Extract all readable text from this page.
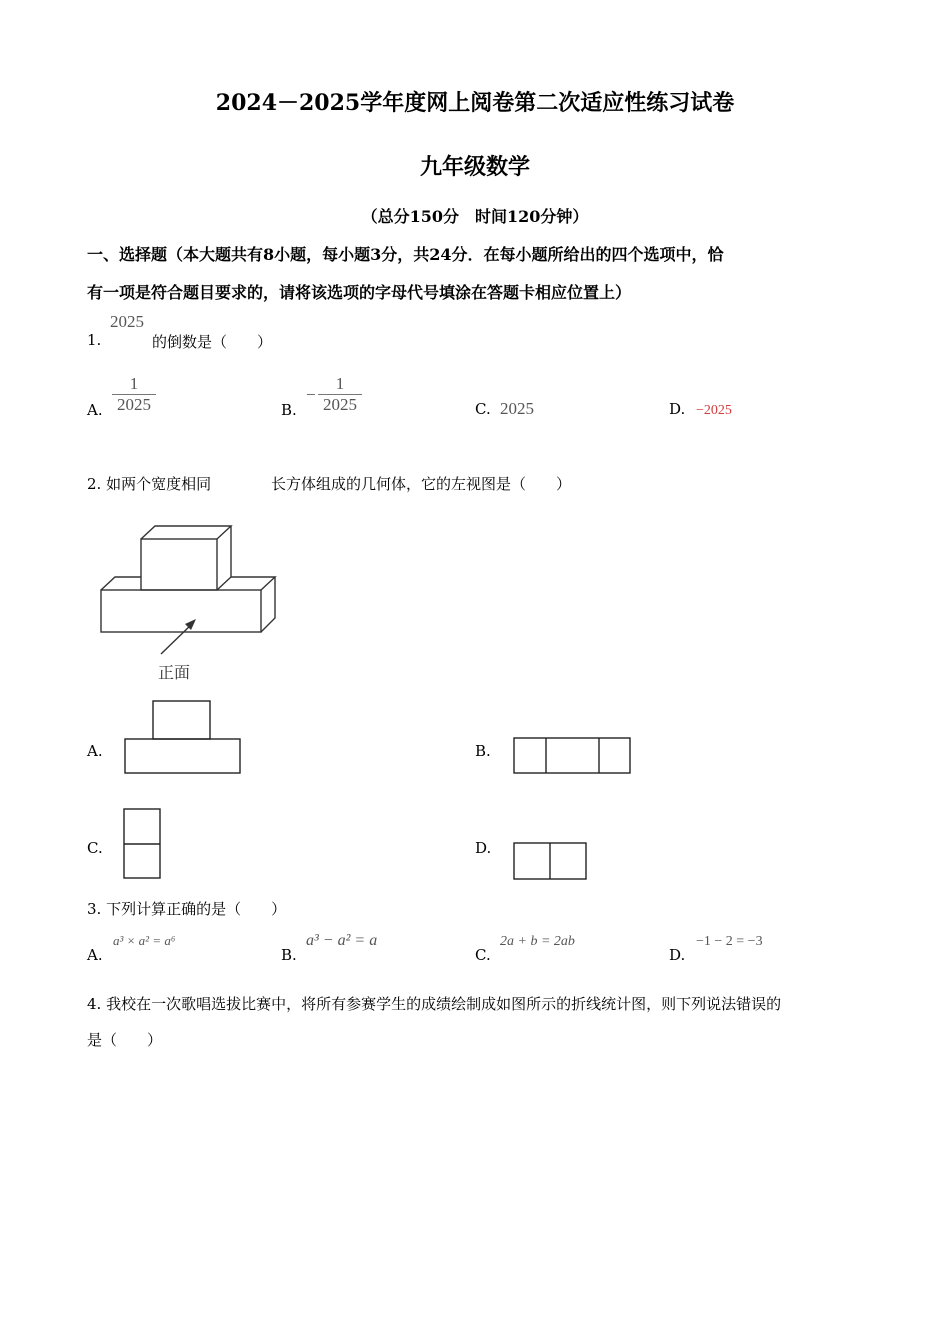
2024－2025学年度网上阅卷第二次适应性练习试卷
九年级数学
（总分150分　时间120分钟）
一、选择题（本大题共有8小题，每小题3分，共24分．在每小题所给出的四个选项中，恰
有一项是符合题目要求的，请将该选项的字母代号填涂在答题卡相应位置上）
1.
2025
的倒数是（　　）
A. $\frac{1}{2025}$	B.
− $\frac{1}{2025}$	C. 2025	D. −2025
2. 如两个宽度相同	长方体组成的几何体，它的左视图是（　　）
正面
A.	B.
C.	D.
3. 下列计算正确的是（　　）
A.
a³ × a² = a⁶
B.
a³ − a² = a
C.
2a + b = 2ab
D.
−1 − 2 = −3
4. 我校在一次歌唱选拔比赛中，将所有参赛学生的成绩绘制成如图所示的折线统计图，则下列说法错误的
是（　　）
